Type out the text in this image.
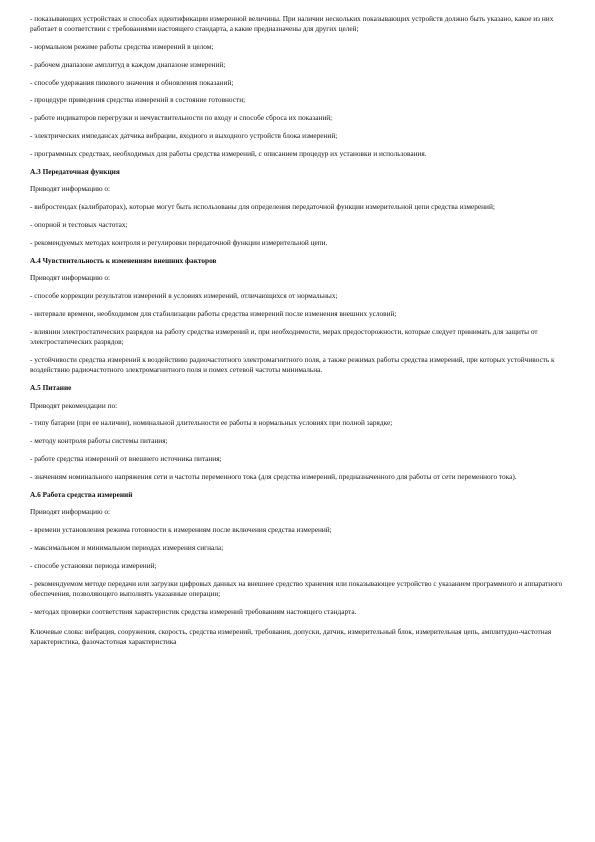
- показывающих устройствах и способах идентификации измеренной величины. При наличии нескольких показывающих устройств должно быть указано, какое из них работает в соответствии с требованиями настоящего стандарта, а какие предназначены для других целей;

- нормальном режиме работы средства измерений в целом;

- рабочем диапазоне амплитуд в каждом диапазоне измерений;

- способе удержания пикового значения и обновления показаний;

- процедуре приведения средства измерений в состояние готовности;

- работе индикаторов перегрузки и нечувствительности по входу и способе сброса их показаний;

- электрических импедансах датчика вибрации, входного и выходного устройств блока измерений;

- программных средствах, необходимых для работы средства измерений, с описанием процедур их установки и использования.

А.3 Передаточная функция

Приводят информацию о:

- вибростендах (калибраторах), которые могут быть использованы для определения передаточной функции измерительной цепи средства измерений;

- опорной и тестовых частотах;

- рекомендуемых методах контроля и регулировки передаточной функции измерительной цепи.

А.4 Чувствительность к изменениям внешних факторов

Приводят информацию о:

- способе коррекции результатов измерений в условиях измерений, отличающихся от нормальных;

- интервале времени, необходимом для стабилизации работы средства измерений после изменения внешних условий;

- влиянии электростатических разрядов на работу средства измерений и, при необходимости, мерах предосторожности, которые следует принимать для защиты от электростатических разрядов;

- устойчивости средства измерений к воздействию радиочастотного электромагнитного поля, а также режимах работы средства измерений, при которых устойчивость к воздействию радиочастотного электромагнитного поля и помех сетевой частоты минимальна.

А.5 Питание

Приводят рекомендации по:

- типу батареи (при ее наличии), номинальной длительности ее работы в нормальных условиях при полной зарядке;

- методу контроля работы системы питания;

- работе средства измерений от внешнего источника питания;

- значениям номинального напряжения сети и частоты переменного тока (для средства измерений, предназначенного для работы от сети переменного тока).

А.6 Работа средства измерений

Приводят информацию о:

- времени установления режима готовности к измерениям после включения средства измерений;

- максимальном и минимальном периодах измерения сигнала;

- способе установки периода измерений;

- рекомендуемом методе передачи или загрузки цифровых данных на внешнее средство хранения или показывающее устройство с указанием программного и аппаратного обеспечения, позволяющего выполнять указанные операции;

- методах проверки соответствия характеристик средства измерений требованиям настоящего стандарта.

Ключевые слова: вибрация, сооружения, скорость, средства измерений, требования, допуски, датчик, измерительный блок, измерительная цепь, амплитудно-частотная характеристика, фазочастотная характеристика
